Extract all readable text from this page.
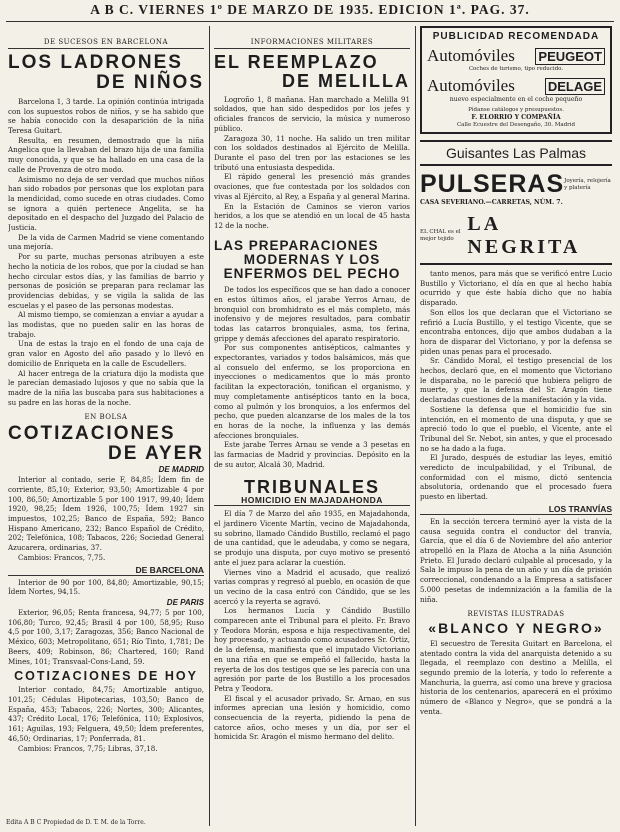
A B C. VIERNES 1º DE MARZO DE 1935. EDICION 1ª. PAG. 37.
DE SUCESOS EN BARCELONA
LOS LADRONES
DE NIÑOS

Barcelona 1, 3 tarde. La opinión continúa intrigada con los supuestos robos de niños, y se ha sabido que se había conocido con la desaparición de la niña Teresa Guitart.

Resulta, en resumen, demostrado que la niña Angelica que la llevaban del brazo hija de una familia muy conocida, y que se ha hallado en una casa de la calle de Provenza de otro modo.

Asimismo no deja de ser verdad que muchos niños han sido robados por personas que los explotan para la mendicidad, como sucede en otras ciudades. Como se ignora a quién pertenece Angelita, se ha depositado en el despacho del Juzgado del Palacio de Justicia.

De la vida de Carmen Madrid se viene comentando una mejoría.

Por su parte, muchas personas atribuyen a este hecho la noticia de los robos, que por la ciudad se han hecho circular estos días, y las familias de barrio y personas de posición se preparan para reclamar las providencias debidas, y se vigila la salida de las escuelas y el paseo de las personas modestas.

Al mismo tiempo, se comienzan a enviar a ayudar a las modistas, que no pueden salir en las horas de trabajo.

Una de estas la trajo en el fondo de una caja de gran valor en Agosto del año pasado y lo llevó en domicilio de Enriqueta en la calle de Escudellers.

Al hacer entrega de la criatura dijo la modista que le parecían demasiado lujosos y que no sabía que la madre de la niña las buscaba para sus habitaciones a su padre en las horas de la noche.

EN BOLSA
COTIZACIONES
DE AYER
DE MADRID

Interior al contado, serie F, 84,85; Ídem fin de corriente, 85,10; Exterior, 93,50; Amortizable 4 por 100, 86,50; Amortizable 5 por 100 1917, 99,40; Ídem 1920, 98,25; Ídem 1926, 100,75; Ídem 1927 sin impuestos, 102,25; Banco de España, 592; Banco Hispano Americano, 232; Banco Español de Crédito, 202; Telefónica, 108; Tabacos, 226; Sociedad General Azucarera, ordinarias, 37.

Cambios: Francos, 7,75.

DE BARCELONA

Interior de 90 por 100, 84,80; Amortizable, 90,15; Ídem Nortes, 94,15.

DE PARIS

Exterior, 96,05; Renta francesa, 94,77; 5 por 100, 106,80; Turco, 92,45; Brasil 4 por 100, 58,95; Ruso 4,5 por 100, 3,17; Zaragozas, 356; Banco Nacional de México, 603; Metropolitano, 651; Río Tinto, 1,781; De Beers, 409; Robinson, 86; Chartered, 160; Rand Mines, 101; Transvaal-Cons-Land, 59.

COTIZACIONES DE HOY

Interior contado, 84,75; Amortizable antiguo, 101,25; Cédulas Hipotecarias, 103,50; Banco de España, 453; Tabacos, 226; Nortes, 300; Alicantes, 437; Crédito Local, 176; Telefónica, 110; Explosivos, 161; Aguilas, 193; Felguera, 49,50; Ídem preferentes, 46,50; Ordinarias, 17; Ponferrada, 81.

Cambios: Francos, 7,75; Libras, 37,18.

INFORMACIONES MILITARES
EL REEMPLAZO
DE MELILLA

Logroño 1, 8 mañana. Han marchado a Melilla 91 soldados, que han sido despedidos por los jefes y oficiales francos de servicio, la música y numeroso público.

Zaragoza 30, 11 noche. Ha salido un tren militar con los soldados destinados al Ejército de Melilla. Durante el paso del tren por las estaciones se les tributó una entusiasta despedida.

El rápido general les presenció más grandes ovaciones, que fue contestada por los soldados con vivas al Ejército, al Rey, a España y al general Marina.

En la Estación de Caminos se vieron varios heridos, a los que se atendió en un local de 45 hasta 12 de la noche.

LAS PREPARACIONES
MODERNAS Y LOS ENFERMOS DEL PECHO

De todos los específicos que se han dado a conocer en estos últimos años, el jarabe Yerros Arnau, de bronquiol con bromhidrato es el más completo, más inofensivo y de mejores resultados, para combatir todas las catarros bronquiales, asma, tos ferina, grippe y demás afecciones del aparato respiratorio.

Por sus componentes antisépticos, calmantes y expectorantes, variados y todos balsámicos, más que al consuelo del enfermo, se los proporciona en inyecciones o medicamentos que lo más pronto facilitan la expectoración, tonifican el organismo, y muy completamente antisépticos tanto en la boca, como al pulmón y los bronquios, a los enfermos del pecho, que pueden alcanzarse de los males de la tos en horas de la noche, la influenza y las demás afecciones bronquiales.

Este jarabe Terres Arnau se vende a 3 pesetas en las farmacias de Madrid y provincias. Depósito en la de su autor, Alcalá 30, Madrid.

TRIBUNALES
HOMICIDIO EN MAJADAHONDA

El día 7 de Marzo del año 1935, en Majadahonda, el jardinero Vicente Martín, vecino de Majadahonda, su sobrino, llamado Cándido Bustillo, reclamó el pago de una cantidad, que le adeudaba, y como se negara, se produjo una disputa, por cuyo motivo se presentó ante el juez para aclarar la cuestión.

Viernes vino a Madrid el acusado, que realizó varias compras y regresó al pueblo, en ocasión de que un vecino de la casa entró con Cándido, que se les acercó y la reyerta se agravó.

Los hermanos Lucía y Cándido Bustillo comparecen ante el Tribunal para el pleito. Fr. Bravo y Teodora Morán, esposa e hija respectivamente, del hoy procesado, y actuando como acusadores Sr. Ortiz, de la defensa, manifiesta que el imputado Victoriano en una riña en que se empeñó el fallecido, hasta la reyerta de los dos testigos que se les parecía con una agresión por parte de los Bustillo a los procesados Petra y Teodora.

El fiscal y el acusador privado, Sr. Arnao, en sus informes aprecian una lesión y homicidio, como consecuencia de la reyerta, pidiendo la pena de catorce años, ocho meses y un día, por ser el homicida Sr. Aragón el mismo hermano del delito.

PUBLICIDAD RECOMENDADA
Automóviles PEUGEOT
Coches de turismo, tipo reducido.
Automóviles	DELAGE
nuevo especialmente en el coche pequeño
Pídanse catálogos y presupuestos.
F. ELORRIO Y COMPAÑÍA
Calle Ecuestre del Desengaño, 30. Madrid
Guisantes Las Palmas
PULSERAS Joyería, relojería y platería
CASA SEVERIANO.—CARRETAS, NÚM. 7.
EL CHAL es el mejor tejido
LA NEGRITA

tanto menos, para más que se verificó entre Lucio Bustillo y Victoriano, el día en que al hecho había ocurrido y que éste había dicho que no había disparado.

Son ellos los que declaran que el Victoriano se refirió a Lucía Bustillo, y el testigo Vicente, que se encontraba entonces, dijo que ambos dudaban a la hora de disparar del Victoriano, y por la defensa se piden unas penas para el procesado.

Sr. Cándido Moral, el testigo presencial de los hechos, declaró que, en el momento que Victoriano le disparaba, no le pareció que hubiera peligro de muerte, y que la defensa del Sr. Aragón tiene declaradas cuestiones de la manifestación y la vida.

Sostiene la defensa que el homicidio fue sin intención, en el momento de una disputa, y que se apreció todo lo que el pueblo, el Vicente, ante el Tribunal del Sr. Nebot, sin antes, y que el procesado no se ha dado a la fuga.

El Jurado, después de estudiar las leyes, emitió veredicto de inculpabilidad, y el Tribunal, de conformidad con el mismo, dictó sentencia absolutoria, ordenando que el procesado fuera puesto en libertad.

LOS TRANVÍAS

En la sección tercera terminó ayer la vista de la causa seguida contra el conductor del tranvía, García, que el día 6 de Noviembre del año anterior atropelló en la Plaza de Atocha a la niña Asunción Prieto. El Jurado declaró culpable al procesado, y la Sala le impuso la pena de un año y un día de prisión correccional, condenando a la Empresa a satisfacer 5.000 pesetas de indemnización a la familia de la niña.

REVISTAS ILUSTRADAS
«BLANCO Y NEGRO»

El secuestro de Teresita Guitart en Barcelona, el atentado contra la vida del anarquista detenido a su llegada, el reemplazo con destino a Melilla, el segundo premio de la lotería, y todo lo referente a Manchuria, la guerra, así como una breve y graciosa historia de los centenarios, aparecerá en el próximo número de «Blanco y Negro», que se pondrá a la venta.

Edita A B C Propiedad de D. T. M. de la Torre.
